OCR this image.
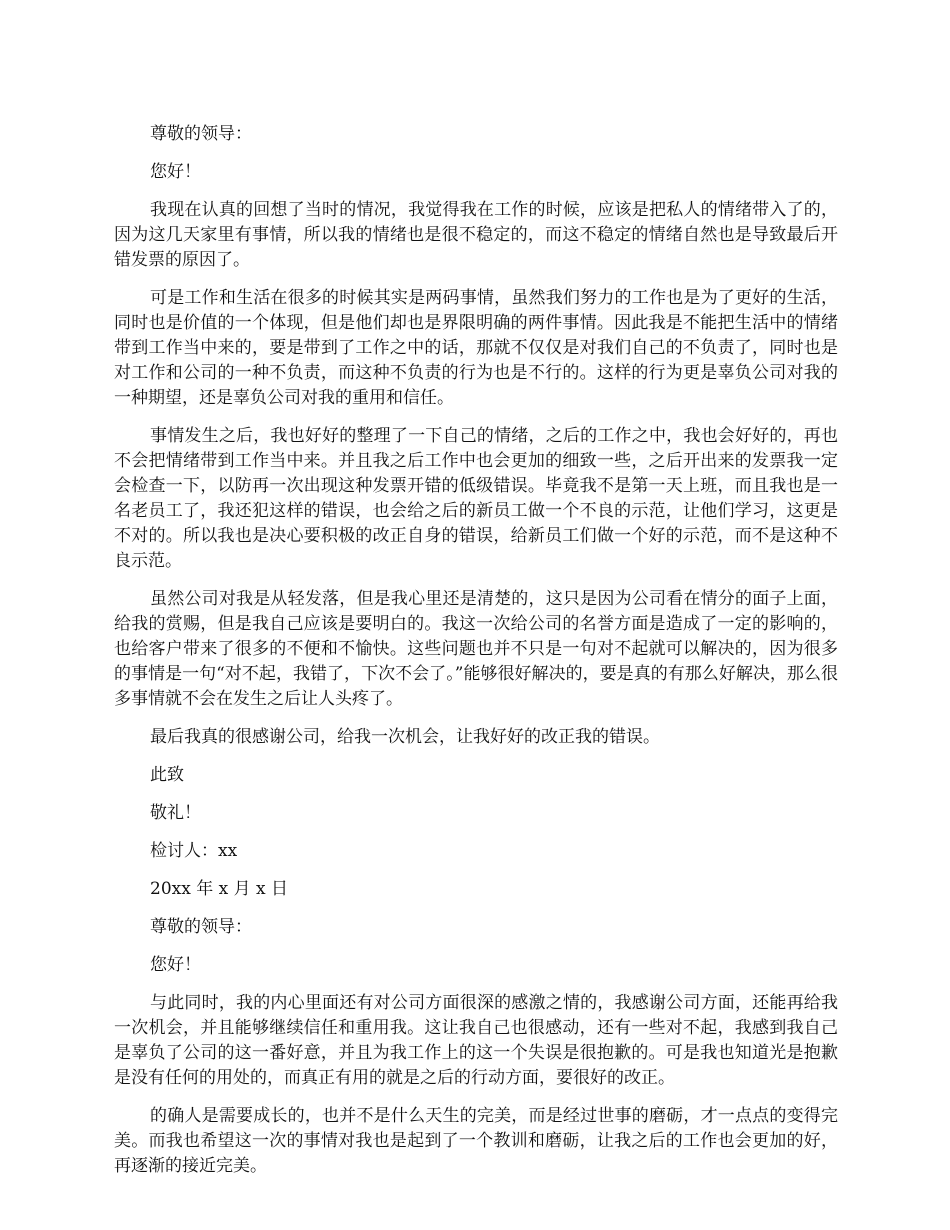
尊敬的领导：

您好！

我现在认真的回想了当时的情况，我觉得我在工作的时候，应该是把私人的情绪带入了的，因为这几天家里有事情，所以我的情绪也是很不稳定的，而这不稳定的情绪自然也是导致最后开错发票的原因了。

可是工作和生活在很多的时候其实是两码事情，虽然我们努力的工作也是为了更好的生活，同时也是价值的一个体现，但是他们却也是界限明确的两件事情。因此我是不能把生活中的情绪带到工作当中来的，要是带到了工作之中的话，那就不仅仅是对我们自己的不负责了，同时也是对工作和公司的一种不负责，而这种不负责的行为也是不行的。这样的行为更是辜负公司对我的一种期望，还是辜负公司对我的重用和信任。

事情发生之后，我也好好的整理了一下自己的情绪，之后的工作之中，我也会好好的，再也不会把情绪带到工作当中来。并且我之后工作中也会更加的细致一些，之后开出来的发票我一定会检查一下，以防再一次出现这种发票开错的低级错误。毕竟我不是第一天上班，而且我也是一名老员工了，我还犯这样的错误，也会给之后的新员工做一个不良的示范，让他们学习，这更是不对的。所以我也是决心要积极的改正自身的错误，给新员工们做一个好的示范，而不是这种不良示范。

虽然公司对我是从轻发落，但是我心里还是清楚的，这只是因为公司看在情分的面子上面，给我的赏赐，但是我自己应该是要明白的。我这一次给公司的名誉方面是造成了一定的影响的，也给客户带来了很多的不便和不愉快。这些问题也并不只是一句对不起就可以解决的，因为很多的事情是一句“对不起，我错了，下次不会了。”能够很好解决的，要是真的有那么好解决，那么很多事情就不会在发生之后让人头疼了。

最后我真的很感谢公司，给我一次机会，让我好好的改正我的错误。

此致

敬礼！

检讨人：xx

20xx 年 x 月 x 日

尊敬的领导：

您好！

与此同时，我的内心里面还有对公司方面很深的感激之情的，我感谢公司方面，还能再给我一次机会，并且能够继续信任和重用我。这让我自己也很感动，还有一些对不起，我感到我自己是辜负了公司的这一番好意，并且为我工作上的这一个失误是很抱歉的。可是我也知道光是抱歉是没有任何的用处的，而真正有用的就是之后的行动方面，要很好的改正。

的确人是需要成长的，也并不是什么天生的完美，而是经过世事的磨砺，才一点点的变得完美。而我也希望这一次的事情对我也是起到了一个教训和磨砺，让我之后的工作也会更加的好，再逐渐的接近完美。
